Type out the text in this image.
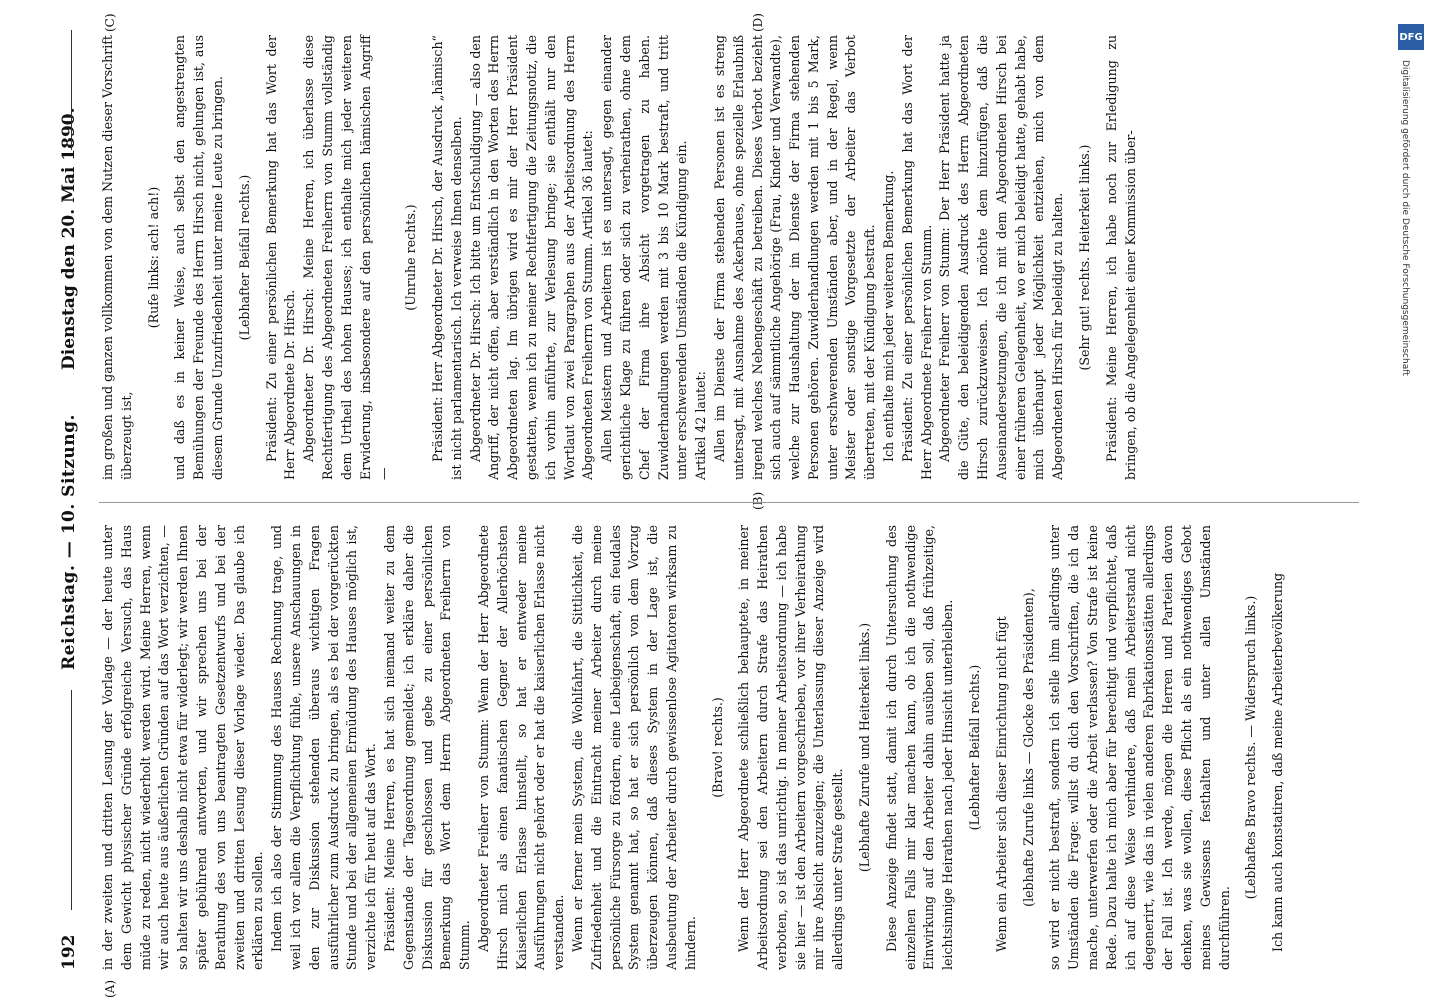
192
Reichstag. — 10. Sitzung.
Dienstag den 20. Mai 1890.
(A)
(B)
(C)	(D)

in der zweiten und dritten Lesung der Vorlage — der heute unter dem Gewicht physischer Gründe erfolgreiche Versuch, das Haus müde zu reden, nicht wiederholt werden wird. Meine Herren, wenn wir auch heute aus äußerlichen Gründen auf das Wort verzichten, — so halten wir uns deshalb nicht etwa für widerlegt; wir werden Ihnen später gebührend antworten, und wir sprechen uns bei der Berathung des von uns beantragten Gesetzentwurfs und bei der zweiten und dritten Lesung dieser Vorlage wieder. Das glaube ich erklären zu sollen. Indem ich also der Stimmung des Hauses Rechnung trage, und weil ich vor allem die Verpflichtung fühle, unsere Anschauungen in den zur Diskussion stehenden überaus wichtigen Fragen ausführlicher zum Ausdruck zu bringen, als es bei der vorgerückten Stunde und bei der allgemeinen Ermüdung des Hauses möglich ist, verzichte ich für heut auf das Wort. Präsident: Meine Herren, es hat sich niemand weiter zu dem Gegenstande der Tagesordnung gemeldet; ich erkläre daher die Diskussion für geschlossen und gebe zu einer persönlichen Bemerkung das Wort dem Herrn Abgeordneten Freiherrn von Stumm. Abgeordneter Freiherr von Stumm: Wenn der Herr Abgeordnete Hirsch mich als einen fanatischen Gegner der Allerhöchsten Kaiserlichen Erlasse hinstellt, so hat er entweder meine Ausführungen nicht gehört oder er hat die kaiserlichen Erlasse nicht verstanden. Wenn er ferner mein System, die Wohlfahrt, die Sittlichkeit, die Zufriedenheit und die Eintracht meiner Arbeiter durch meine persönliche Fürsorge zu fördern, eine Leibeigenschaft, ein feudales System genannt hat, so hat er sich persönlich von dem Vorzug überzeugen können, daß dieses System in der Lage ist, die Ausbeutung der Arbeiter durch gewissenlose Agitatoren wirksam zu hindern.

(Bravo! rechts.) Wenn der Herr Abgeordnete schließlich behauptete, in meiner Arbeitsordnung sei den Arbeitern durch Strafe das Heirathen verboten, so ist das unrichtig. In meiner Arbeitsordnung — ich habe sie hier — ist den Arbeitern vorgeschrieben, vor ihrer Verheirathung mir ihre Absicht anzuzeigen; die Unterlassung dieser Anzeige wird allerdings unter Strafe gestellt. (Lebhafte Zurufe und Heiterkeit links.) Diese Anzeige findet statt, damit ich durch Untersuchung des einzelnen Falls mir klar machen kann, ob ich die nothwendige Einwirkung auf den Arbeiter dahin ausüben soll, daß frühzeitige, leichtsinnige Heirathen nach jeder Hinsicht unterbleiben. (Lebhafter Beifall rechts.) Wenn ein Arbeiter sich dieser Einrichtung nicht fügt (lebhafte Zurufe links — Glocke des Präsidenten), so wird er nicht bestraft, sondern ich stelle ihm allerdings unter Umständen die Frage: willst du dich den Vorschriften, die ich da mache, unterwerfen oder die Arbeit verlassen? Von Strafe ist keine Rede. Dazu halte ich mich aber für berechtigt und verpflichtet, daß ich auf diese Weise verhindere, daß mein Arbeiterstand nicht degenerirt, wie das in vielen anderen Fabrikationsstätten allerdings der Fall ist. Ich werde, mögen die Herren und Parteien davon denken, was sie wollen, diese Pflicht als ein nothwendiges Gebot meines Gewissens festhalten und unter allen Umständen durchführen.

(Lebhaftes Bravo rechts. — Widerspruch links.) Ich kann auch konstatiren, daß meine Arbeiterbevölkerung

im großen und ganzen vollkommen von dem Nutzen dieser Vorschrift überzeugt ist,

(Rufe links: ach! ach!) und daß es in keiner Weise, auch selbst den angestrengten Bemühungen der Freunde des Herrn Hirsch nicht, gelungen ist, aus diesem Grunde Unzufriedenheit unter meine Leute zu bringen. (Lebhafter Beifall rechts.) Präsident: Zu einer persönlichen Bemerkung hat das Wort der Herr Abgeordnete Dr. Hirsch. Abgeordneter Dr. Hirsch: Meine Herren, ich überlasse diese Rechtfertigung des Abgeordneten Freiherrn von Stumm vollständig dem Urtheil des hohen Hauses; ich enthalte mich jeder weiteren Erwiderung, insbesondere auf den persönlichen hämischen Angriff —

(Unruhe rechts.) Präsident: Herr Abgeordneter Dr. Hirsch, der Ausdruck „hämisch“ ist nicht parlamentarisch. Ich verweise Ihnen denselben. Abgeordneter Dr. Hirsch: Ich bitte um Entschuldigung — also den Angriff, der nicht offen, aber verständlich in den Worten des Herrn Abgeordneten lag. Im übrigen wird es mir der Herr Präsident gestatten, wenn ich zu meiner Rechtfertigung die Zeitungsnotiz, die ich vorhin anführte, zur Verlesung bringe; sie enthält nur den Wortlaut von zwei Paragraphen aus der Arbeitsordnung des Herrn Abgeordneten Freiherrn von Stumm. Artikel 36 lautet: Allen Meistern und Arbeitern ist es untersagt, gegen einander gerichtliche Klage zu führen oder sich zu verheirathen, ohne dem Chef der Firma ihre Absicht vorgetragen zu haben. Zuwiderhandlungen werden mit 3 bis 10 Mark bestraft, und tritt unter erschwerenden Umständen die Kündigung ein. Artikel 42 lautet: Allen im Dienste der Firma stehenden Personen ist es streng untersagt, mit Ausnahme des Ackerbaues, ohne spezielle Erlaubniß irgend welches Nebengeschäft zu betreiben. Dieses Verbot bezieht sich auch auf sämmtliche Angehörige (Frau, Kinder und Verwandte), welche zur Haushaltung der im Dienste der Firma stehenden Personen gehören. Zuwiderhandlungen werden mit 1 bis 5 Mark, unter erschwerenden Umständen aber, und in der Regel, wenn Meister oder sonstige Vorgesetzte der Arbeiter das Verbot übertreten, mit der Kündigung bestraft. Ich enthalte mich jeder weiteren Bemerkung. Präsident: Zu einer persönlichen Bemerkung hat das Wort der Herr Abgeordnete Freiherr von Stumm. Abgeordneter Freiherr von Stumm: Der Herr Präsident hatte ja die Güte, den beleidigenden Ausdruck des Herrn Abgeordneten Hirsch zurückzuweisen. Ich möchte dem hinzufügen, daß die Auseinandersetzungen, die ich mit dem Abgeordneten Hirsch bei einer früheren Gelegenheit, wo er mich beleidigt hatte, gehabt habe, mich überhaupt jeder Möglichkeit entziehen, mich von dem Abgeordneten Hirsch für beleidigt zu halten. (Sehr gut! rechts. Heiterkeit links.) Präsident: Meine Herren, ich habe noch zur Erledigung zu bringen, ob die Angelegenheit einer Kommission über-

DFG
Digitalisierung gefördert durch die Deutsche Forschungsgemeinschaft
